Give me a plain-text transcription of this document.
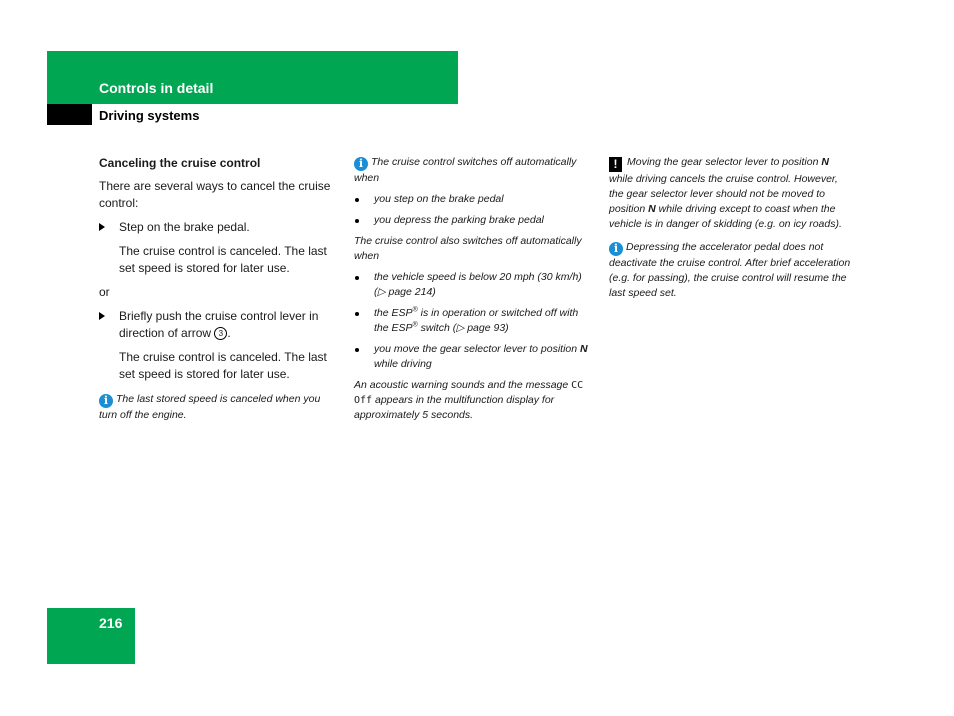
Controls in detail
Driving systems
Canceling the cruise control

There are several ways to cancel the cruise control:

Step on the brake pedal.

The cruise control is canceled. The last set speed is stored for later use.

or

Briefly push the cruise control lever in direction of arrow 3 .

The cruise control is canceled. The last set speed is stored for later use.

i The last stored speed is canceled when you turn off the engine.

i The cruise control switches off automatically when

you step on the brake pedal
you depress the parking brake pedal

The cruise control also switches off automatically when

the vehicle speed is below 20 mph (30 km/h) (▷ page 214)
the ESP® is in operation or switched off with the ESP® switch (▷ page 93)
you move the gear selector lever to position N while driving

An acoustic warning sounds and the message CC Off appears in the multifunction display for approximately 5 seconds.

! Moving the gear selector lever to position N while driving cancels the cruise control. However, the gear selector lever should not be moved to position N while driving except to coast when the vehicle is in danger of skidding (e.g. on icy roads).

i Depressing the accelerator pedal does not deactivate the cruise control. After brief acceleration (e.g. for passing), the cruise control will resume the last speed set.

216
